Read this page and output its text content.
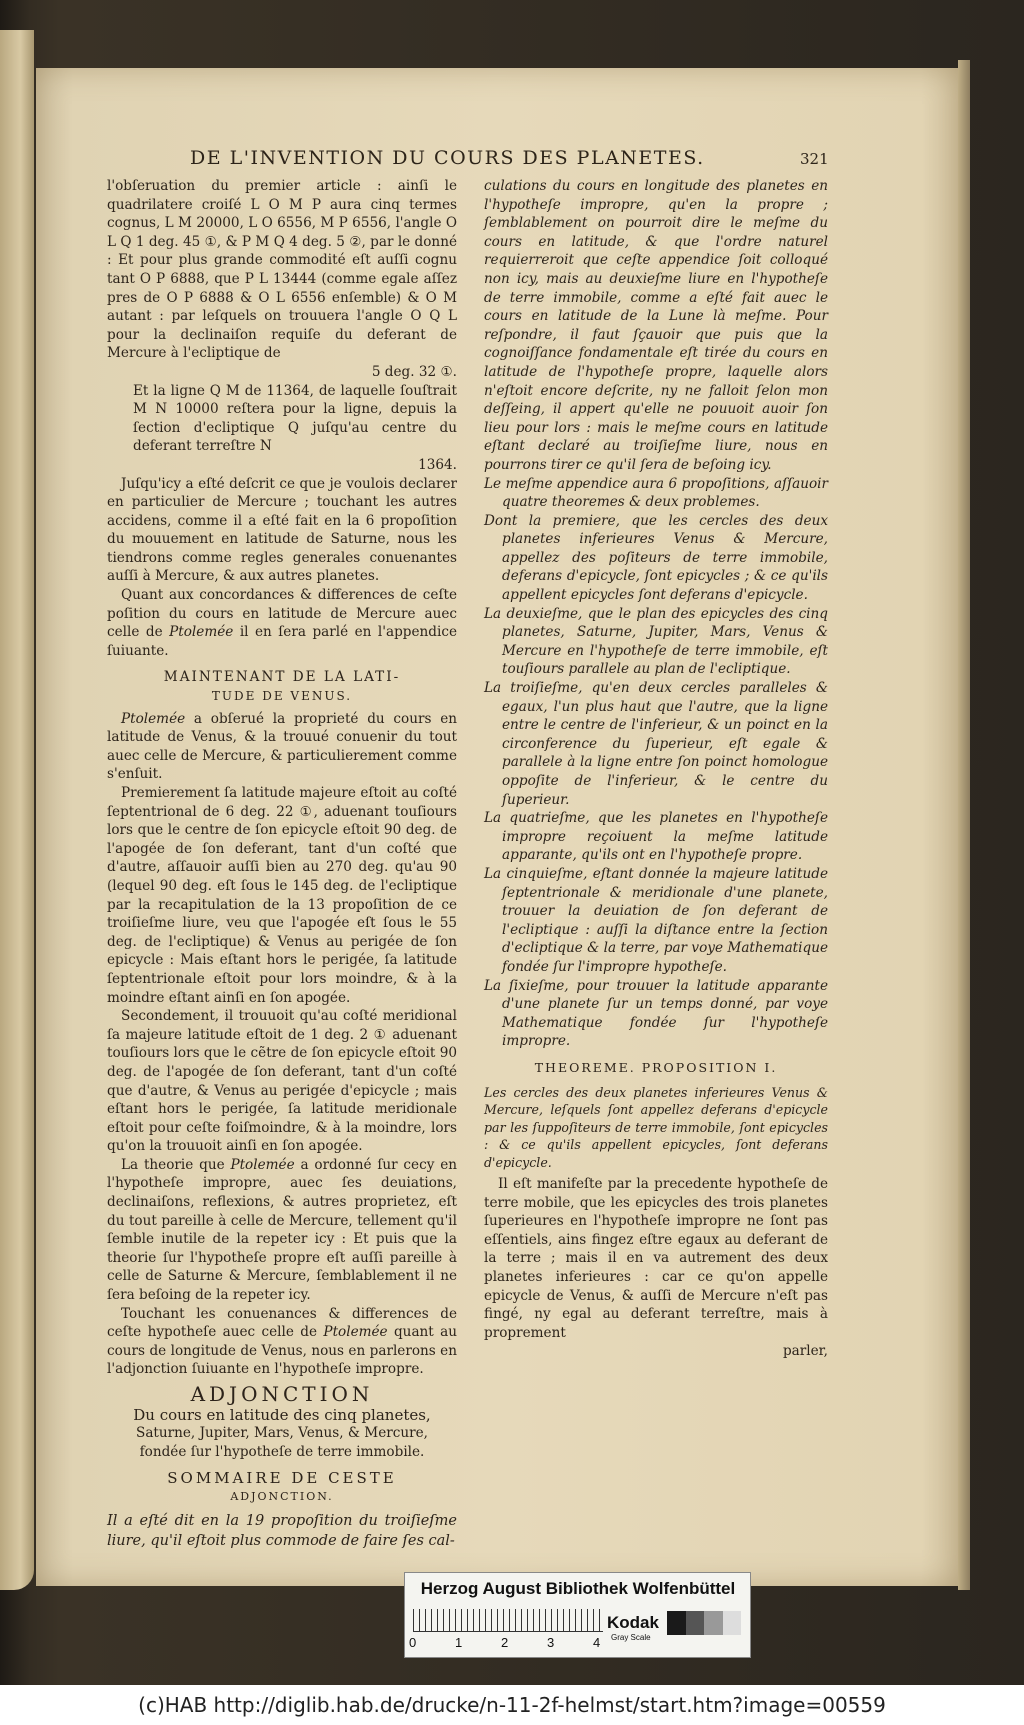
DE L'INVENTION DU COURS DES PLANETES.	321

l'obſeruation du premier article : ainſi le quadrilatere croiſé L O M P aura cinq termes cognus, L M 20000, L O 6556, M P 6556, l'angle O L Q 1 deg. 45 ①, & P M Q 4 deg. 5 ②, par le donné : Et pour plus grande commodité eſt auſſi cognu tant O P 6888, que P L 13444 (comme egale aſſez pres de O P 6888 & O L 6556 enſemble) & O M autant : par leſquels on trouuera l'angle O Q L pour la declinaiſon requiſe du deferant de Mercure à l'ecliptique de
5 deg. 32 ①.

Et la ligne Q M de 11364, de laquelle ſouſtrait M N 10000 reſtera pour la ligne, depuis la ſection d'ecliptique Q juſqu'au centre du deferant terreſtre N
1364.

Juſqu'icy a eſté deſcrit ce que je voulois declarer en particulier de Mercure ; touchant les autres accidens, comme il a eſté fait en la 6 propoſition du mouuement en latitude de Saturne, nous les tiendrons comme regles generales conuenantes auſſi à Mercure, & aux autres planetes.

Quant aux concordances & differences de ceſte poſition du cours en latitude de Mercure auec celle de Ptolemée il en ſera parlé en l'appendice ſuiuante.

MAINTENANT DE LA LATI-
TUDE DE VENUS.

Ptolemée a obſerué la proprieté du cours en latitude de Venus, & la trouué conuenir du tout auec celle de Mercure, & particulierement comme s'enſuit.

Premierement ſa latitude majeure eſtoit au coſté ſeptentrional de 6 deg. 22 ①, aduenant touſiours lors que le centre de ſon epicycle eſtoit 90 deg. de l'apogée de ſon deferant, tant d'un coſté que d'autre, aſſauoir auſſi bien au 270 deg. qu'au 90 (lequel 90 deg. eſt ſous le 145 deg. de l'ecliptique par la recapitulation de la 13 propoſition de ce troiſieſme liure, veu que l'apogée eſt ſous le 55 deg. de l'ecliptique) & Venus au perigée de ſon epicycle : Mais eſtant hors le perigée, ſa latitude ſeptentrionale eſtoit pour lors moindre, & à la moindre eſtant ainſi en ſon apogée.

Secondement, il trouuoit qu'au coſté meridional ſa majeure latitude eſtoit de 1 deg. 2 ① aduenant touſiours lors que le cẽtre de ſon epicycle eſtoit 90 deg. de l'apogée de ſon deferant, tant d'un coſté que d'autre, & Venus au perigée d'epicycle ; mais eſtant hors le perigée, ſa latitude meridionale eſtoit pour ceſte foiſmoindre, & à la moindre, lors qu'on la trouuoit ainſi en ſon apogée.

La theorie que Ptolemée a ordonné ſur cecy en l'hypotheſe impropre, auec ſes deuiations, declinaiſons, reflexions, & autres proprietez, eſt du tout pareille à celle de Mercure, tellement qu'il ſemble inutile de la repeter icy : Et puis que la theorie ſur l'hypotheſe propre eſt auſſi pareille à celle de Saturne & Mercure, ſemblablement il ne ſera beſoing de la repeter icy.

Touchant les conuenances & differences de ceſte hypotheſe auec celle de Ptolemée quant au cours de longitude de Venus, nous en parlerons en l'adjonction ſuiuante en l'hypotheſe impropre.

ADJONCTION

Du cours en latitude des cinq planetes,

Saturne, Jupiter, Mars, Venus, & Mercure,

fondée ſur l'hypotheſe de terre immobile.

SOMMAIRE DE CESTE
ADJONCTION.

Il a eſté dit en la 19 propoſition du troiſieſme liure, qu'il eſtoit plus commode de faire ſes cal-

culations du cours en longitude des planetes en l'hypotheſe impropre, qu'en la propre ; ſemblablement on pourroit dire le meſme du cours en latitude, & que l'ordre naturel requierreroit que ceſte appendice ſoit colloqué non icy, mais au deuxieſme liure en l'hypotheſe de terre immobile, comme a eſté fait auec le cours en latitude de la Lune là meſme. Pour reſpondre, il faut ſçauoir que puis que la cognoiſſance fondamentale eſt tirée du cours en latitude de l'hypotheſe propre, laquelle alors n'eſtoit encore deſcrite, ny ne falloit ſelon mon deſſeing, il appert qu'elle ne pouuoit auoir ſon lieu pour lors : mais le meſme cours en latitude eſtant declaré au troiſieſme liure, nous en pourrons tirer ce qu'il ſera de beſoing icy.

Le meſme appendice aura 6 propoſitions, aſſauoir quatre theoremes & deux problemes.

Dont la premiere, que les cercles des deux planetes inferieures Venus & Mercure, appellez des poſiteurs de terre immobile, deferans d'epicycle, ſont epicycles ; & ce qu'ils appellent epicycles ſont deferans d'epicycle.

La deuxieſme, que le plan des epicycles des cinq planetes, Saturne, Jupiter, Mars, Venus & Mercure en l'hypotheſe de terre immobile, eſt touſiours parallele au plan de l'ecliptique.

La troiſieſme, qu'en deux cercles paralleles & egaux, l'un plus haut que l'autre, que la ligne entre le centre de l'inferieur, & un poinct en la circonference du ſuperieur, eſt egale & parallele à la ligne entre ſon poinct homologue oppoſite de l'inferieur, & le centre du ſuperieur.

La quatrieſme, que les planetes en l'hypotheſe impropre reçoiuent la meſme latitude apparante, qu'ils ont en l'hypotheſe propre.

La cinquieſme, eſtant donnée la majeure latitude ſeptentrionale & meridionale d'une planete, trouuer la deuiation de ſon deferant de l'ecliptique : auſſi la diſtance entre la ſection d'ecliptique & la terre, par voye Mathematique fondée ſur l'impropre hypotheſe.

La ſixieſme, pour trouuer la latitude apparante d'une planete ſur un temps donné, par voye Mathematique fondée ſur l'hypotheſe impropre.

THEOREME. PROPOSITION I.

Les cercles des deux planetes inferieures Venus & Mercure, leſquels ſont appellez deferans d'epicycle par les ſuppoſiteurs de terre immobile, ſont epicycles : & ce qu'ils appellent epicycles, ſont deferans d'epicycle.

Il eſt manifeſte par la precedente hypotheſe de terre mobile, que les epicycles des trois planetes ſuperieures en l'hypotheſe impropre ne ſont pas eſſentiels, ains fingez eſtre egaux au deferant de la terre ; mais il en va autrement des deux planetes inferieures : car ce qu'on appelle epicycle de Venus, & auſſi de Mercure n'eſt pas fingé, ny egal au deferant terreſtre, mais à proprement

parler,

Herzog August Bibliothek Wolfenbüttel
0	1	2	3	4
Kodak
Gray Scale
(c)HAB http://diglib.hab.de/drucke/n-11-2f-helmst/start.htm?image=00559
